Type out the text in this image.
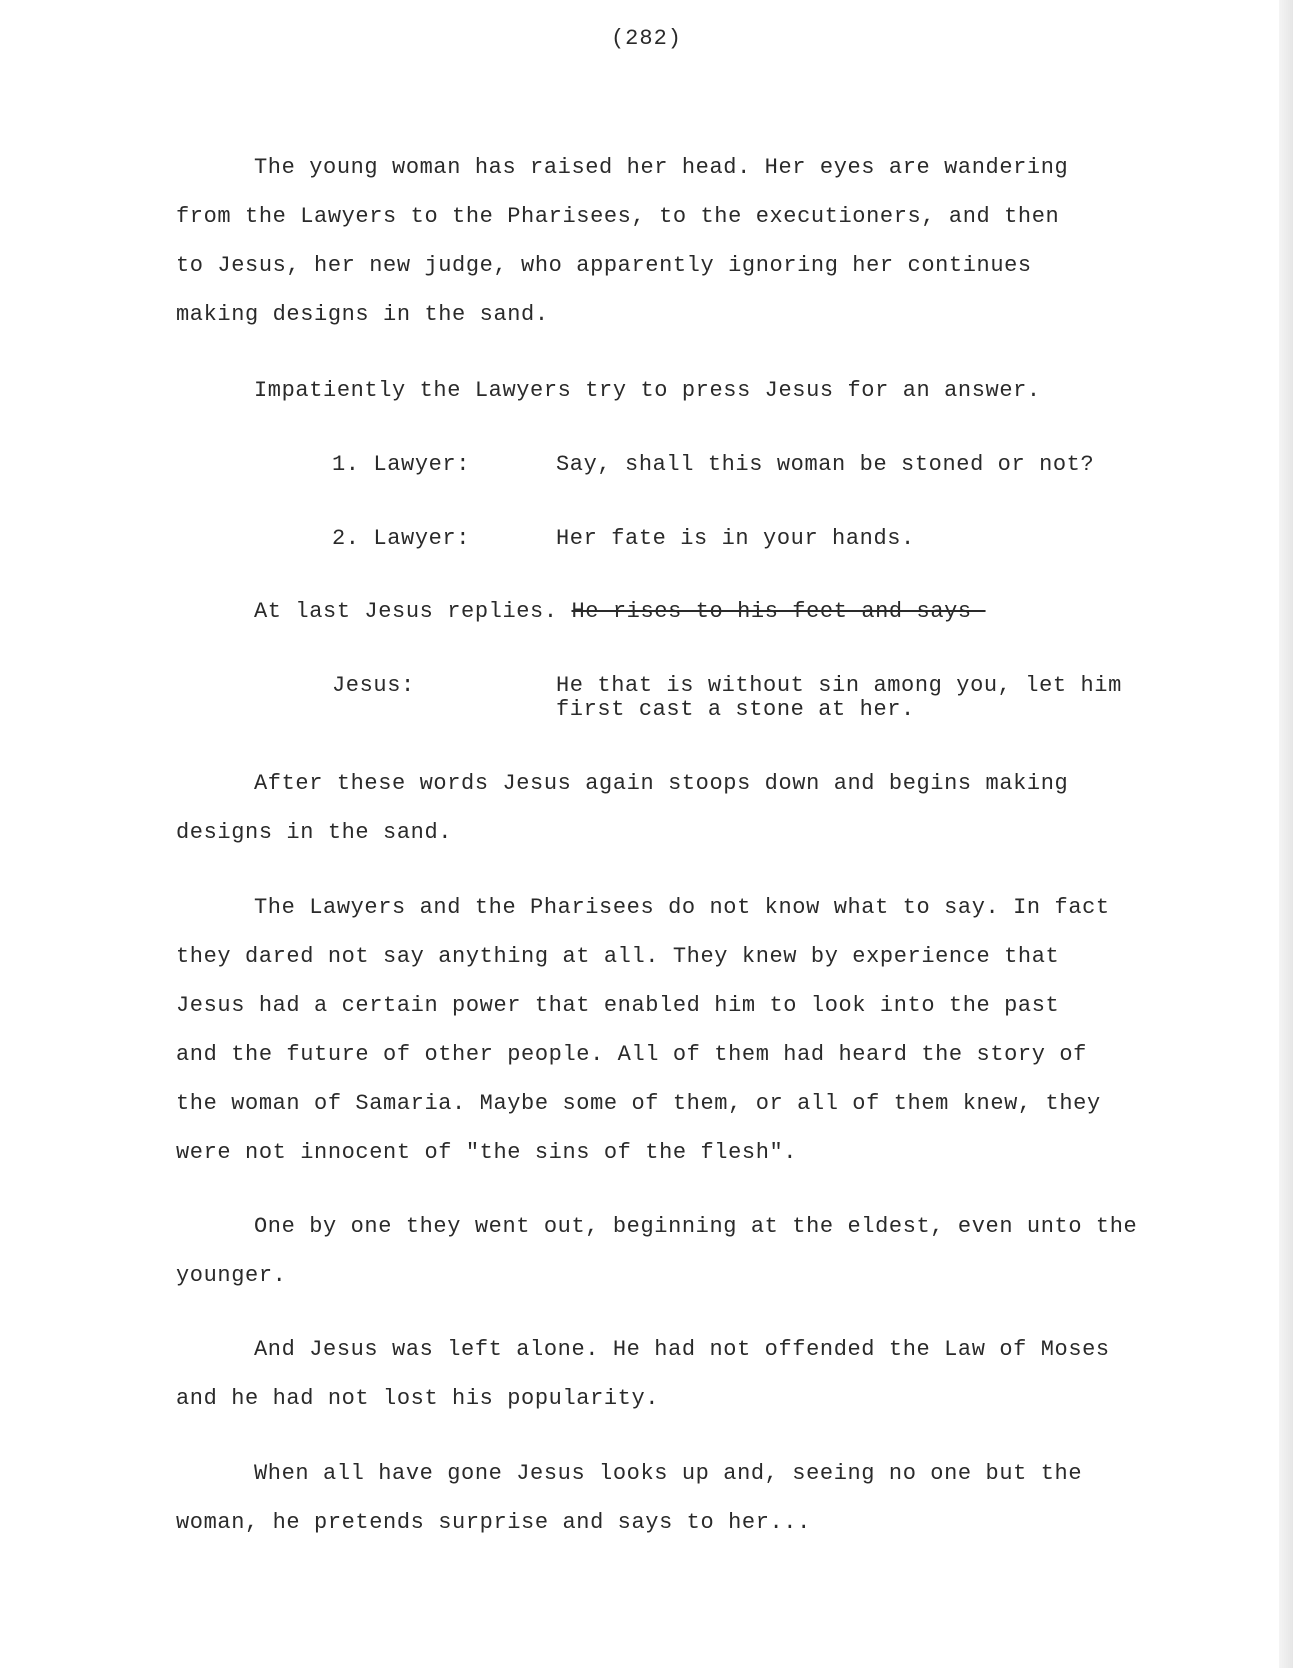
(282)
The young woman has raised her head. Her eyes are wandering
from the Lawyers to the Pharisees, to the executioners, and then
to Jesus, her new judge, who apparently ignoring her continues
making designs in the sand.
Impatiently the Lawyers try to press Jesus for an answer.
1. Lawyer:	Say, shall this woman be stoned or not?
2. Lawyer:	Her fate is in your hands.
At last Jesus replies. He rises to his feet and says-
Jesus:	He that is without sin among you, let him
first cast a stone at her.
After these words Jesus again stoops down and begins making
designs in the sand.
The Lawyers and the Pharisees do not know what to say. In fact
they dared not say anything at all. They knew by experience that
Jesus had a certain power that enabled him to look into the past
and the future of other people. All of them had heard the story of
the woman of Samaria. Maybe some of them, or all of them knew, they
were not innocent of "the sins of the flesh".
One by one they went out, beginning at the eldest, even unto the
younger.
And Jesus was left alone. He had not offended the Law of Moses
and he had not lost his popularity.
When all have gone Jesus looks up and, seeing no one but the
woman, he pretends surprise and says to her...
